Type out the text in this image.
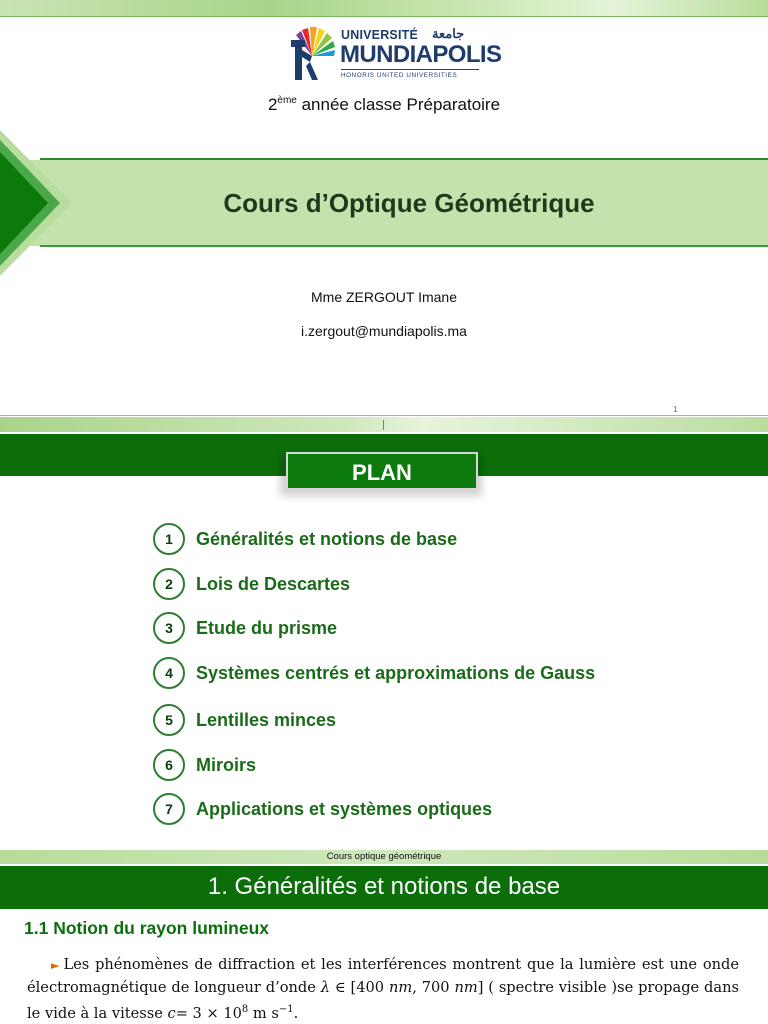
UNIVERSITÉ جامعة
MUNDIAPOLIS
HONORIS UNITED UNIVERSITIES
2ème année classe Préparatoire
Cours d’Optique Géométrique
Mme ZERGOUT Imane
i.zergout@mundiapolis.ma
1
PLAN
1	Généralités et notions de base
2	Lois de Descartes
3	Etude du prisme
4	Systèmes centrés et approximations de Gauss
5	Lentilles minces
6	Miroirs
7	Applications et systèmes optiques
Cours optique géométrique
1. Généralités et notions de base
1.1 Notion du rayon lumineux
► Les phénomènes de diffraction et les interférences montrent que la lumière est une onde électromagnétique de longueur d’onde λ ∈ [400 nm, 700 nm] ( spectre visible )se propage dans le vide à la vitesse $c= 3 \times 10^8$ m $s^{-1}$.
